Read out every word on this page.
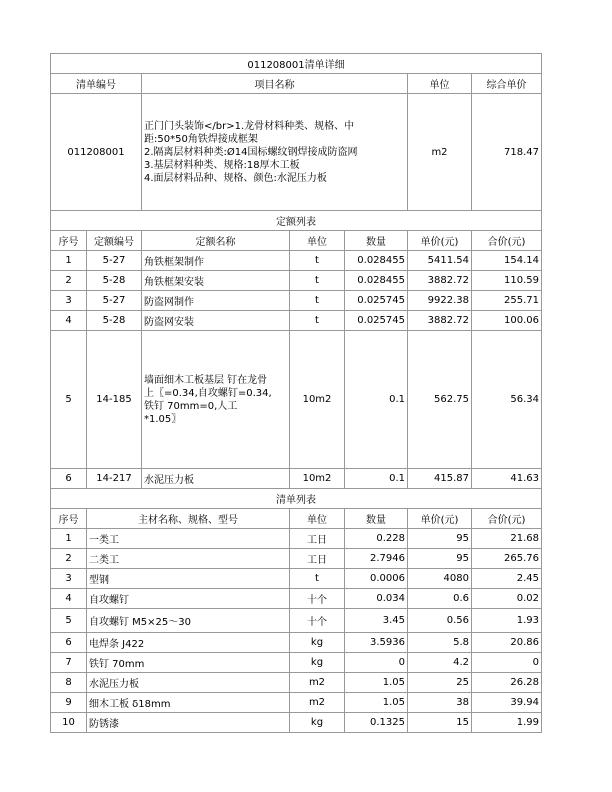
011208001清单详细						
清单编号		项目名称			单位	综合单价
011208001		正门门头装饰</br>1.龙骨材料种类、规格、中
距:50*50角铁焊接成框架
2.隔离层材料种类:Ø14国标螺纹钢焊接成防盗网
3.基层材料种类、规格:18厚木工板
4.面层材料品种、规格、颜色:水泥压力板			m2	718.47
定额列表						
序号	定额编号	定额名称	单位	数量	单价(元)	合价(元)
1	5-27	角铁框架制作	t	0.028455	5411.54	154.14
2	5-28	角铁框架安装	t	0.028455	3882.72	110.59
3	5-27	防盗网制作	t	0.025745	9922.38	255.71
4	5-28	防盗网安装	t	0.025745	3882.72	100.06
5	14-185	墙面细木工板基层 钉在龙骨
上〖=0.34,自攻螺钉=0.34,
铁钉 70mm=0,人工
*1.05〗	10m2	0.1	562.75	56.34
6	14-217	水泥压力板	10m2	0.1	415.87	41.63
清单列表						
序号	主材名称、规格、型号		单位	数量	单价(元)	合价(元)
1	一类工		工日	0.228	95	21.68
2	二类工		工日	2.7946	95	265.76
3	型钢		t	0.0006	4080	2.45
4	自攻螺钉		十个	0.034	0.6	0.02
5	自攻螺钉 M5×25～30		十个	3.45	0.56	1.93
6	电焊条 J422		kg	3.5936	5.8	20.86
7	铁钉 70mm		kg	0	4.2	0
8	水泥压力板		m2	1.05	25	26.28
9	细木工板 δ18mm		m2	1.05	38	39.94
10	防锈漆		kg	0.1325	15	1.99
